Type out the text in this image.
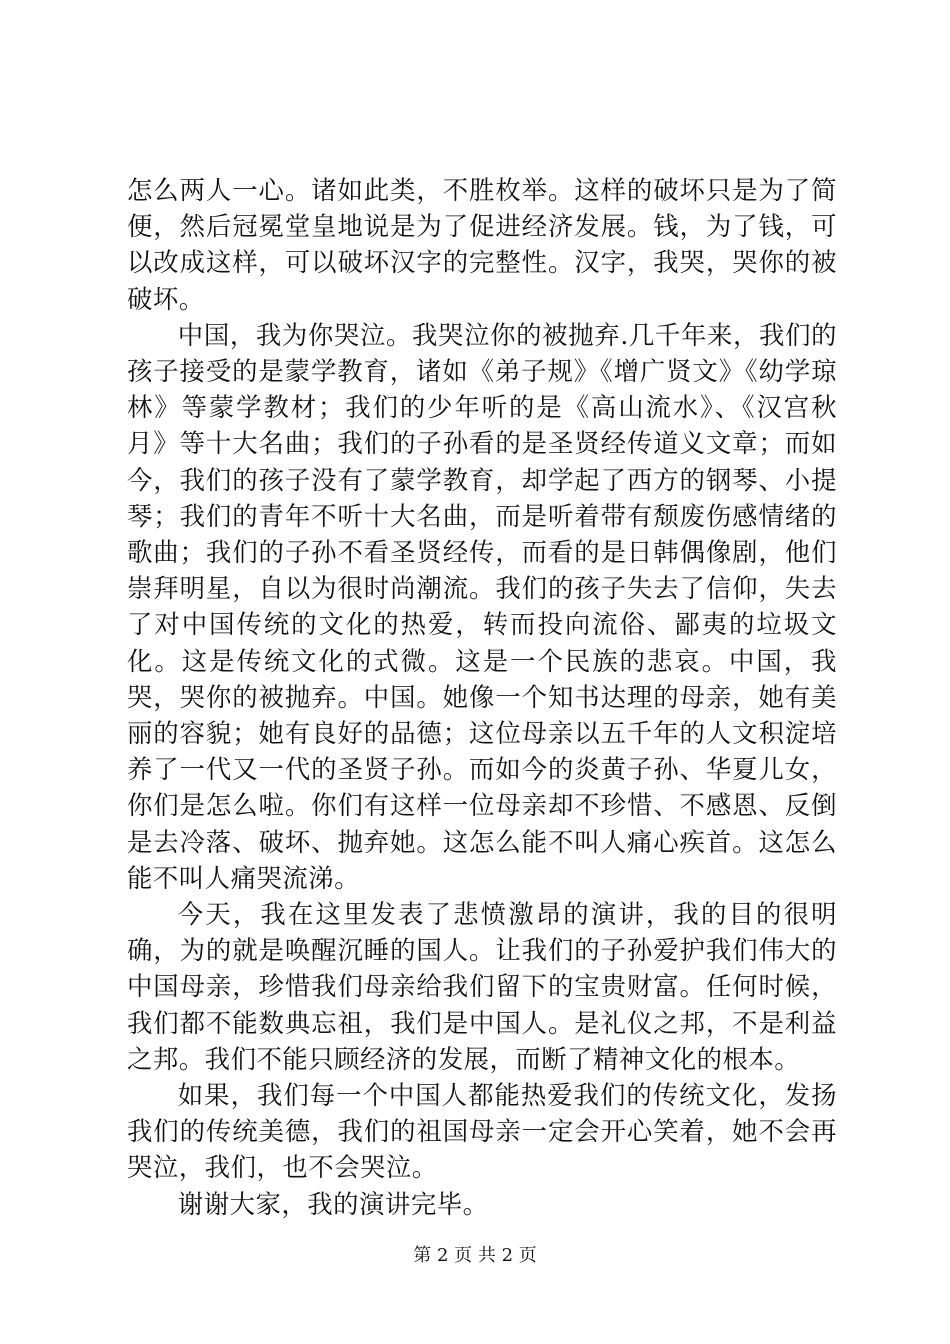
怎么两人一心。诸如此类，不胜枚举。这样的破坏只是为了简便，然后冠冕堂皇地说是为了促进经济发展。钱，为了钱，可以改成这样，可以破坏汉字的完整性。汉字，我哭，哭你的被破坏。

中国，我为你哭泣。我哭泣你的被抛弃.几千年来，我们的孩子接受的是蒙学教育，诸如《弟子规》《增广贤文》《幼学琼林》等蒙学教材；我们的少年听的是《高山流水》、《汉宫秋月》等十大名曲；我们的子孙看的是圣贤经传道义文章；而如今，我们的孩子没有了蒙学教育，却学起了西方的钢琴、小提琴；我们的青年不听十大名曲，而是听着带有颓废伤感情绪的歌曲；我们的子孙不看圣贤经传，而看的是日韩偶像剧，他们崇拜明星，自以为很时尚潮流。我们的孩子失去了信仰，失去了对中国传统的文化的热爱，转而投向流俗、鄙夷的垃圾文化。这是传统文化的式微。这是一个民族的悲哀。中国，我哭，哭你的被抛弃。中国。她像一个知书达理的母亲，她有美丽的容貌；她有良好的品德；这位母亲以五千年的人文积淀培养了一代又一代的圣贤子孙。而如今的炎黄子孙、华夏儿女，你们是怎么啦。你们有这样一位母亲却不珍惜、不感恩、反倒是去冷落、破坏、抛弃她。这怎么能不叫人痛心疾首。这怎么能不叫人痛哭流涕。

今天，我在这里发表了悲愤激昂的演讲，我的目的很明确，为的就是唤醒沉睡的国人。让我们的子孙爱护我们伟大的中国母亲，珍惜我们母亲给我们留下的宝贵财富。任何时候，我们都不能数典忘祖，我们是中国人。是礼仪之邦，不是利益之邦。我们不能只顾经济的发展，而断了精神文化的根本。

如果，我们每一个中国人都能热爱我们的传统文化，发扬我们的传统美德，我们的祖国母亲一定会开心笑着，她不会再哭泣，我们，也不会哭泣。

谢谢大家，我的演讲完毕。

第 2 页 共 2 页
